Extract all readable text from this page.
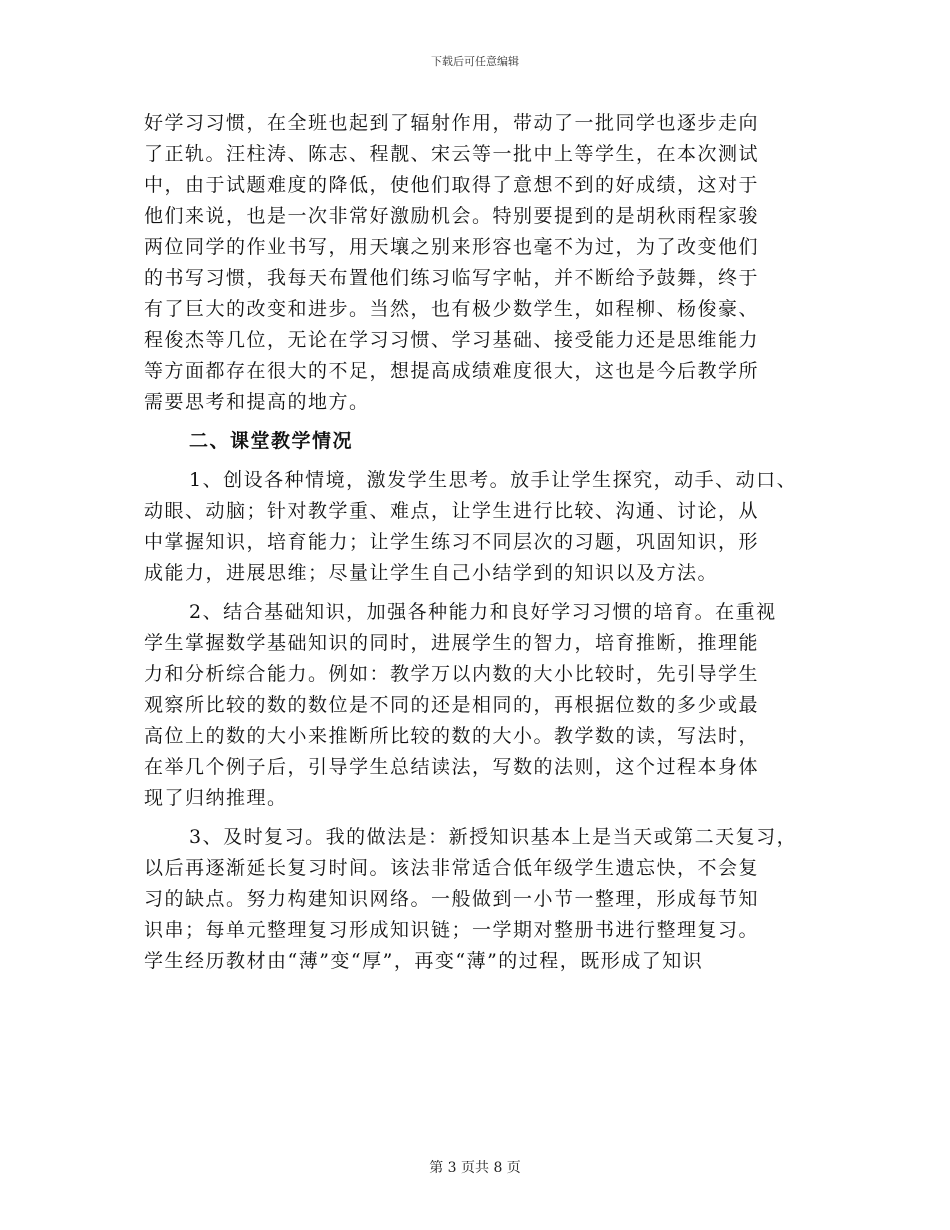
下载后可任意编辑
好学习习惯，在全班也起到了辐射作用，带动了一批同学也逐步走向
了正轨。汪柱涛、陈志、程靓、宋云等一批中上等学生，在本次测试
中，由于试题难度的降低，使他们取得了意想不到的好成绩，这对于
他们来说，也是一次非常好激励机会。特别要提到的是胡秋雨程家骏
两位同学的作业书写，用天壤之别来形容也毫不为过，为了改变他们
的书写习惯，我每天布置他们练习临写字帖，并不断给予鼓舞，终于
有了巨大的改变和进步。当然，也有极少数学生，如程柳、杨俊豪、
程俊杰等几位，无论在学习习惯、学习基础、接受能力还是思维能力
等方面都存在很大的不足，想提高成绩难度很大，这也是今后教学所
需要思考和提高的地方。
二、课堂教学情况
1、创设各种情境，激发学生思考。放手让学生探究，动手、动口、
动眼、动脑；针对教学重、难点，让学生进行比较、沟通、讨论，从
中掌握知识，培育能力；让学生练习不同层次的习题，巩固知识，形
成能力，进展思维；尽量让学生自己小结学到的知识以及方法。
2、结合基础知识，加强各种能力和良好学习习惯的培育。在重视
学生掌握数学基础知识的同时，进展学生的智力，培育推断，推理能
力和分析综合能力。例如：教学万以内数的大小比较时，先引导学生
观察所比较的数的数位是不同的还是相同的，再根据位数的多少或最
高位上的数的大小来推断所比较的数的大小。教学数的读，写法时，
在举几个例子后，引导学生总结读法，写数的法则，这个过程本身体
现了归纳推理。
3、及时复习。我的做法是：新授知识基本上是当天或第二天复习，
以后再逐渐延长复习时间。该法非常适合低年级学生遗忘快，不会复
习的缺点。努力构建知识网络。一般做到一小节一整理，形成每节知
识串；每单元整理复习形成知识链；一学期对整册书进行整理复习。
学生经历教材由“薄”变“厚”，再变“薄”的过程，既形成了知识
第 3 页共 8 页
